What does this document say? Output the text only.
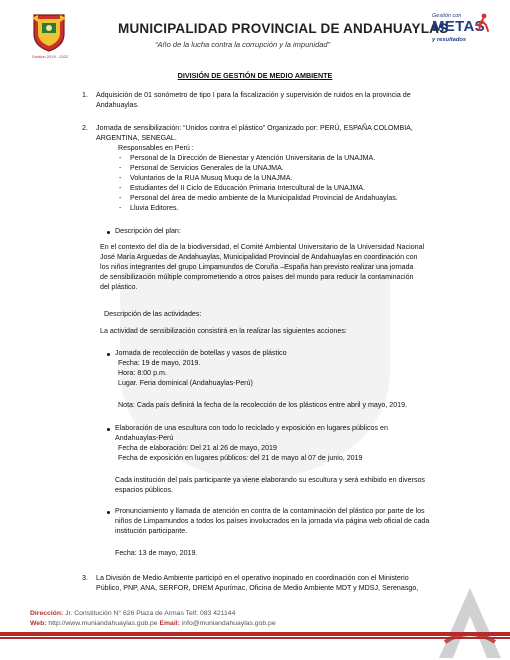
Gestión 2019 - 2022
MUNICIPALIDAD PROVINCIAL DE ANDAHUAYLAS
“Año de la lucha contra la corrupción y la impunidad”
Gestión con
METAS
y resultados
DIVISIÓN DE GESTIÓN DE MEDIO AMBIENTE
1. Adquisición de 01 sonómetro de tipo I para la fiscalización y supervisión de ruidos en la provincia de
Andahuaylas.
2. Jornada de sensibilización: “Unidos contra el plástico” Organizado por: PERÚ, ESPAÑA COLOMBIA,
ARGENTINA, SENEGAL.
Responsables en Perú :
- Personal de la Dirección de Bienestar y Atención Universitaria de la UNAJMA.
- Personal de Servicios Generales de la UNAJMA.
- Voluntarios de la RUA Musuq Muqu de la UNAJMA.
- Estudiantes del II Ciclo de Educación Primaria Intercultural de la UNAJMA.
- Personal del área de medio ambiente de la Municipalidad Provincial de Andahuaylas.
- Lluvia Editores.
Descripción del plan:
En el contexto del día de la biodiversidad, el Comité Ambiental Universitario de la Universidad Nacional
José María Arguedas de Andahuaylas, Municipalidad Provincial de Andahuaylas en coordinación con
los niños integrantes del grupo Limpamundos de Coruña –España han previsto realizar una jornada
de sensibilización múltiple comprometiendo a otros países del mundo para reducir la contaminación
del plástico.
Descripción de las actividades:
La actividad de sensibilización consistirá en la realizar las siguientes acciones:
Jornada de recolección de botellas y vasos de plástico
Fecha: 19 de mayo, 2019.
Hora: 8:00 p.m.
Lugar. Feria dominical (Andahuaylas-Perú)
Nota: Cada país definirá la fecha de la recolección de los plásticos entre abril y mayo, 2019.
Elaboración de una escultura con todo lo reciclado y exposición en lugares públicos en
Andahuaylas-Perú
Fecha de elaboración: Del 21 al 26 de mayo, 2019
Fecha de exposición en lugares públicos: del 21 de mayo al 07 de junio, 2019
Cada institución del país participante ya viene elaborando su escultura y será exhibido en diversos
espacios públicos.
Pronunciamiento y llamada de atención en contra de la contaminación del plástico por parte de los
niños de Limpamundos a todos los países involucrados en la jornada vía página web oficial de cada
institución participante.
Fecha: 13 de mayo, 2019.
3. La División de Medio Ambiente participó en el operativo inopinado en coordinación con el Ministerio
Público, PNP, ANA, SERFOR, DREM Apurímac, Oficina de Medio Ambiente MDT y MDSJ, Serenasgo,
Dirección: Jr. Constitución N° 626 Plaza de Armas Telf: 083 421144
Web: http://www.muniandahuaylas.gob.pe Email: info@muniandahuaylas.gob.pe
